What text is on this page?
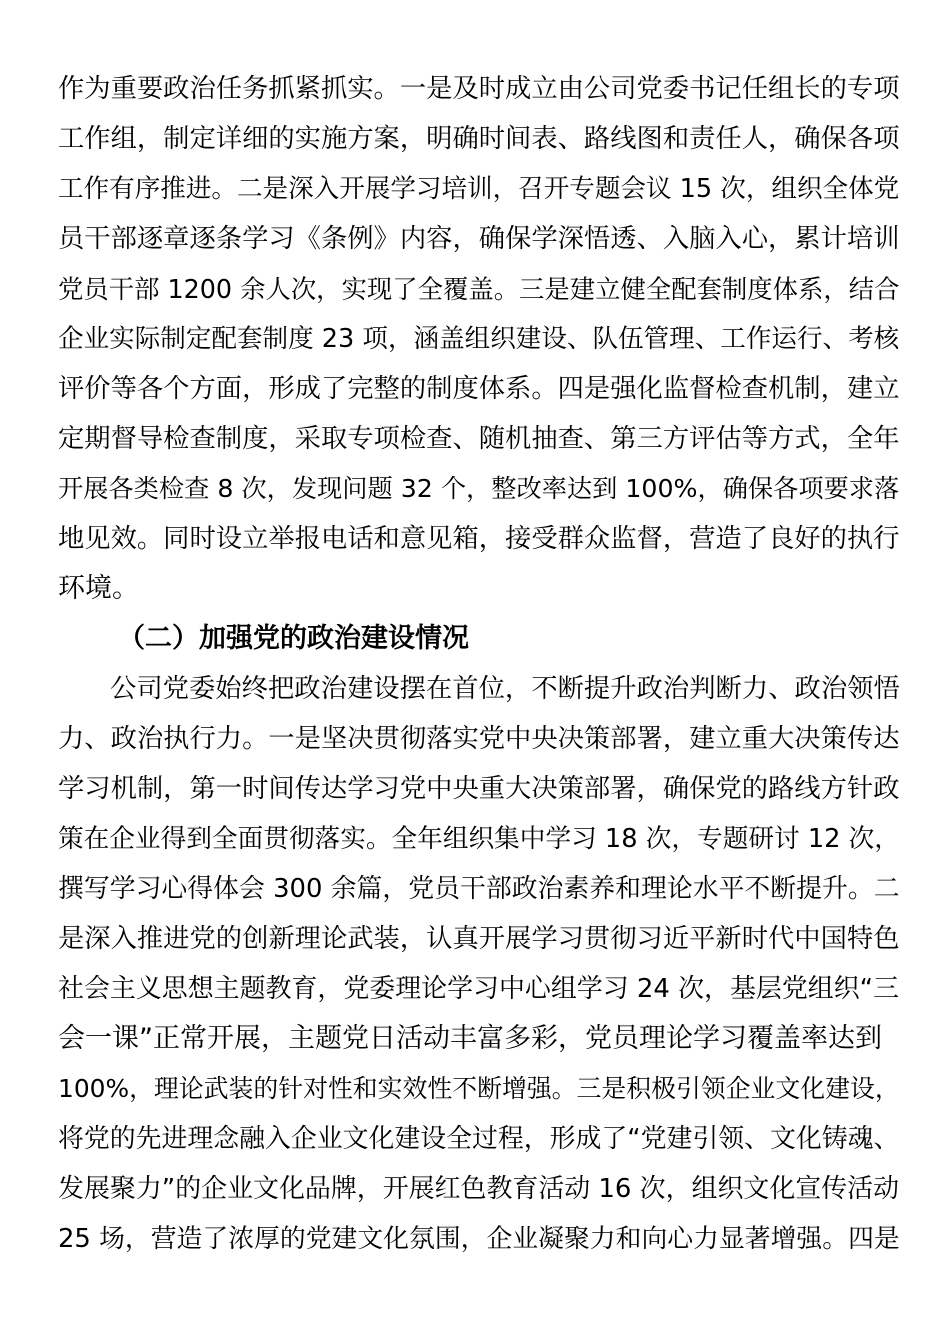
作为重要政治任务抓紧抓实。一是及时成立由公司党委书记任组长的专项
工作组，制定详细的实施方案，明确时间表、路线图和责任人，确保各项
工作有序推进。二是深入开展学习培训，召开专题会议 15 次，组织全体党
员干部逐章逐条学习《条例》内容，确保学深悟透、入脑入心，累计培训
党员干部 1200 余人次，实现了全覆盖。三是建立健全配套制度体系，结合
企业实际制定配套制度 23 项，涵盖组织建设、队伍管理、工作运行、考核
评价等各个方面，形成了完整的制度体系。四是强化监督检查机制，建立
定期督导检查制度，采取专项检查、随机抽查、第三方评估等方式，全年
开展各类检查 8 次，发现问题 32 个，整改率达到 100%，确保各项要求落
地见效。同时设立举报电话和意见箱，接受群众监督，营造了良好的执行
环境。
（二）加强党的政治建设情况
公司党委始终把政治建设摆在首位，不断提升政治判断力、政治领悟
力、政治执行力。一是坚决贯彻落实党中央决策部署，建立重大决策传达
学习机制，第一时间传达学习党中央重大决策部署，确保党的路线方针政
策在企业得到全面贯彻落实。全年组织集中学习 18 次，专题研讨 12 次，
撰写学习心得体会 300 余篇，党员干部政治素养和理论水平不断提升。二
是深入推进党的创新理论武装，认真开展学习贯彻习近平新时代中国特色
社会主义思想主题教育，党委理论学习中心组学习 24 次，基层党组织“三
会一课”正常开展，主题党日活动丰富多彩，党员理论学习覆盖率达到
100%，理论武装的针对性和实效性不断增强。三是积极引领企业文化建设，
将党的先进理念融入企业文化建设全过程，形成了“党建引领、文化铸魂、
发展聚力”的企业文化品牌，开展红色教育活动 16 次，组织文化宣传活动
25 场，营造了浓厚的党建文化氛围，企业凝聚力和向心力显著增强。四是
